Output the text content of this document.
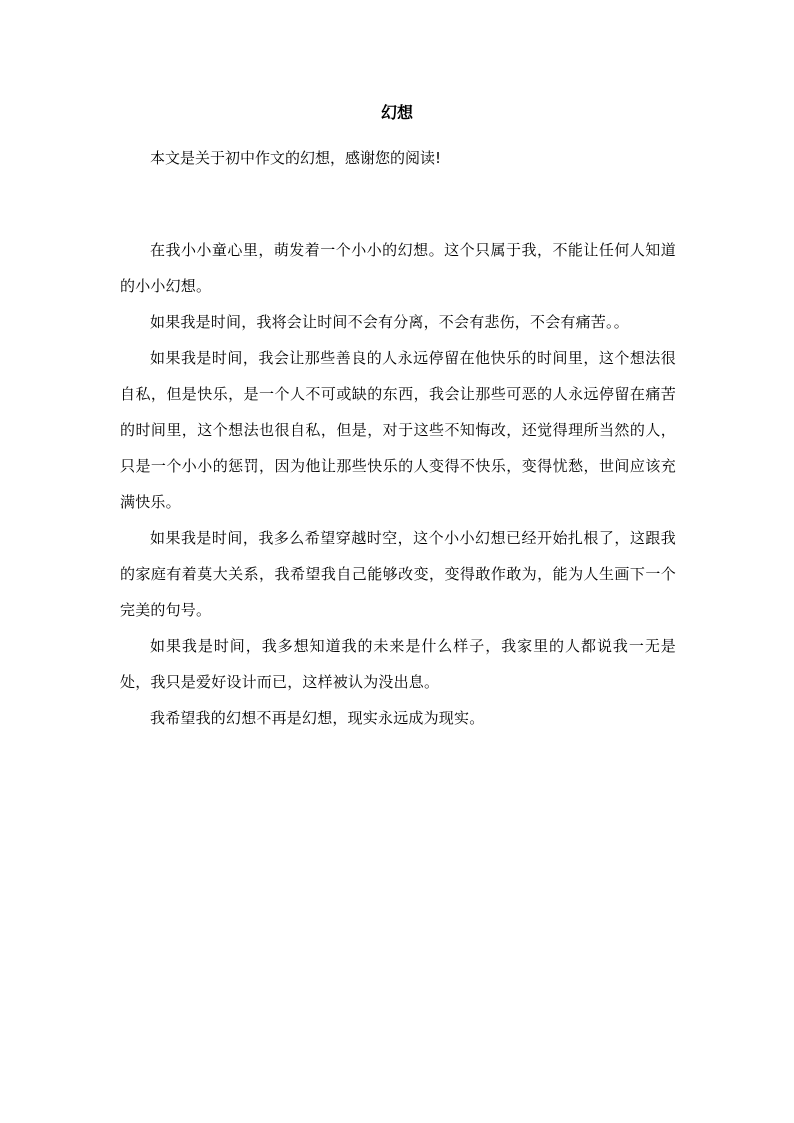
幻想

本文是关于初中作文的幻想，感谢您的阅读!

在我小小童心里，萌发着一个小小的幻想。这个只属于我，不能让任何人知道的小小幻想。

如果我是时间，我将会让时间不会有分离，不会有悲伤，不会有痛苦。。

如果我是时间，我会让那些善良的人永远停留在他快乐的时间里，这个想法很自私，但是快乐，是一个人不可或缺的东西，我会让那些可恶的人永远停留在痛苦的时间里，这个想法也很自私，但是，对于这些不知悔改，还觉得理所当然的人，只是一个小小的惩罚，因为他让那些快乐的人变得不快乐，变得忧愁，世间应该充满快乐。

如果我是时间，我多么希望穿越时空，这个小小幻想已经开始扎根了，这跟我的家庭有着莫大关系，我希望我自己能够改变，变得敢作敢为，能为人生画下一个完美的句号。

如果我是时间，我多想知道我的未来是什么样子，我家里的人都说我一无是处，我只是爱好设计而已，这样被认为没出息。

我希望我的幻想不再是幻想，现实永远成为现实。
